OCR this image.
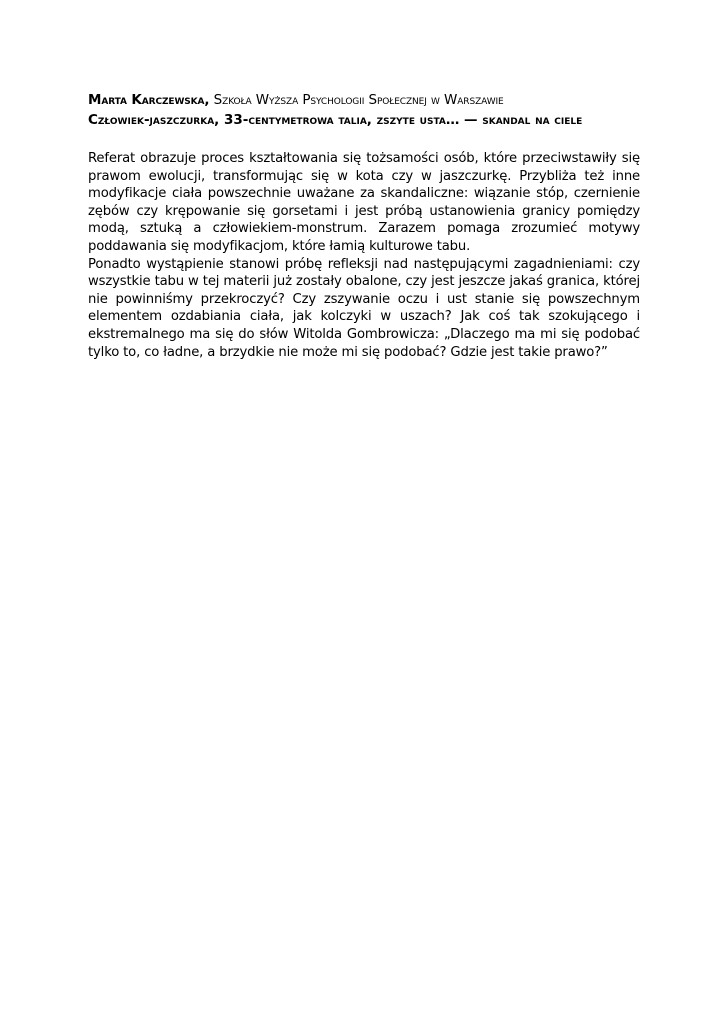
Marta Karczewska, Szkoła Wyższa Psychologii Społecznej w Warszawie

Człowiek-jaszczurka, 33-centymetrowa talia, zszyte usta… — skandal na ciele

Referat obrazuje proces kształtowania się tożsamości osób, które przeciwstawiły się prawom ewolucji, transformując się w kota czy w jaszczurkę. Przybliża też inne modyfikacje ciała powszechnie uważane za skandaliczne: wiązanie stóp, czernienie zębów czy krępowanie się gorsetami i jest próbą ustanowienia granicy pomiędzy modą, sztuką a człowiekiem-monstrum. Zarazem pomaga zrozumieć motywy poddawania się modyfikacjom, które łamią kulturowe tabu.

Ponadto wystąpienie stanowi próbę refleksji nad następującymi zagadnieniami: czy wszystkie tabu w tej materii już zostały obalone, czy jest jeszcze jakaś granica, której nie powinniśmy przekroczyć? Czy zszywanie oczu i ust stanie się powszechnym elementem ozdabiania ciała, jak kolczyki w uszach? Jak coś tak szokującego i ekstremalnego ma się do słów Witolda Gombrowicza: „Dlaczego ma mi się podobać tylko to, co ładne, a brzydkie nie może mi się podobać? Gdzie jest takie prawo?”
